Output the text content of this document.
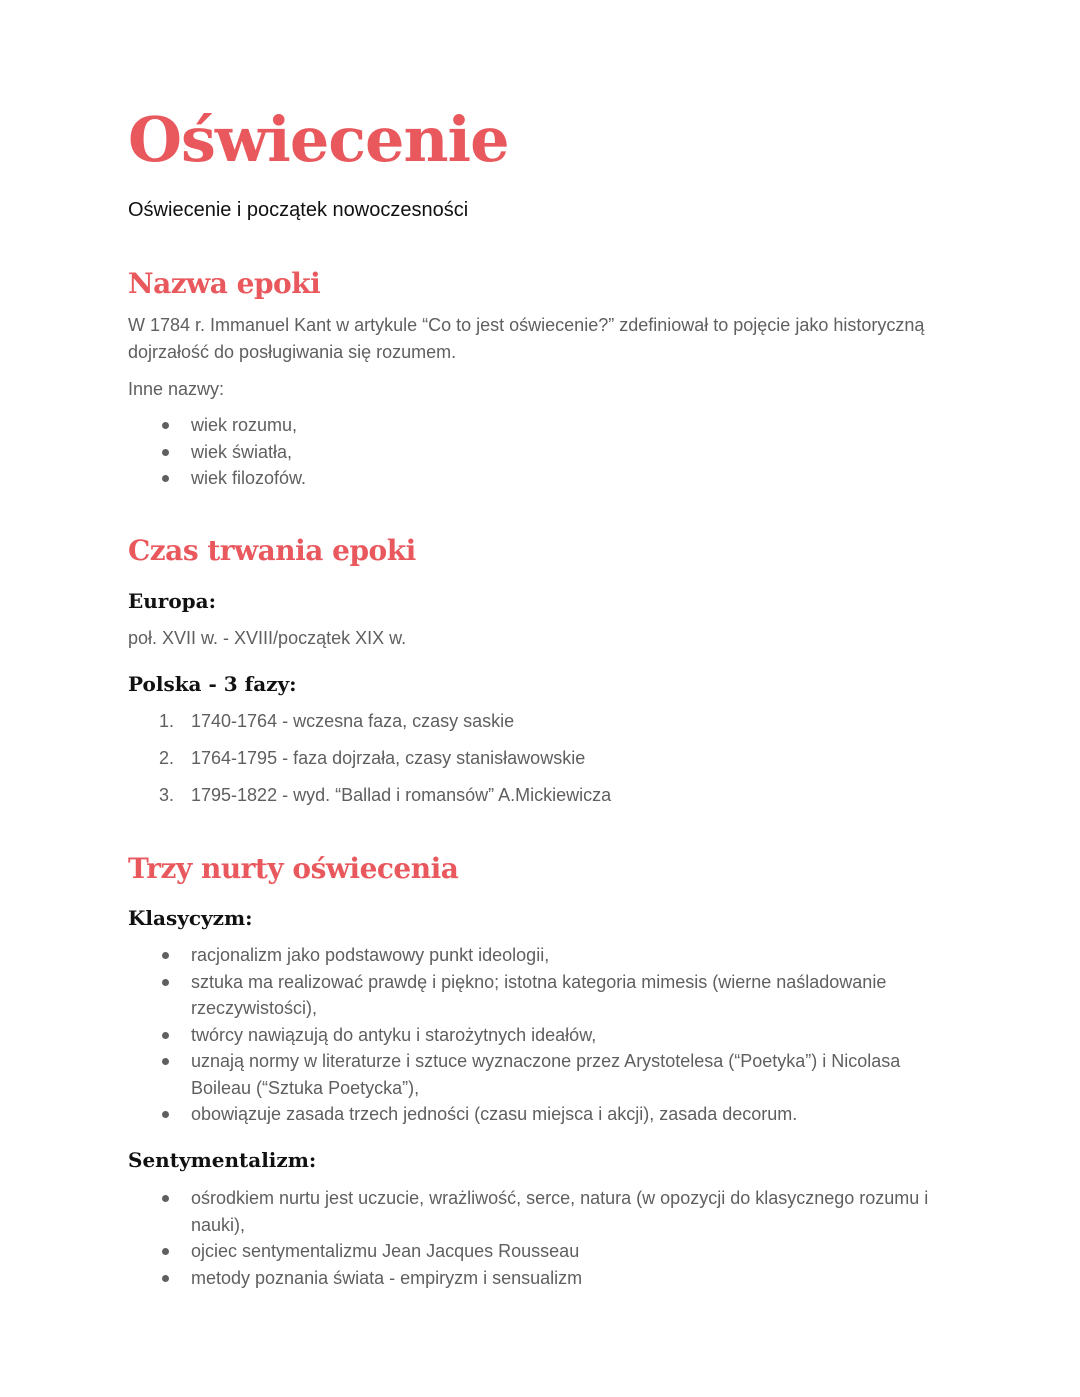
Oświecenie
Oświecenie i początek nowoczesności
Nazwa epoki

W 1784 r. Immanuel Kant w artykule “Co to jest oświecenie?” zdefiniował to pojęcie jako historyczną dojrzałość do posługiwania się rozumem.

Inne nazwy:

wiek rozumu,
wiek światła,
wiek filozofów.
Czas trwania epoki
Europa:

poł. XVII w. - XVIII/początek XIX w.

Polska - 3 fazy:
1. 1740-1764 - wczesna faza, czasy saskie
2. 1764-1795 - faza dojrzała, czasy stanisławowskie
3. 1795-1822 - wyd. “Ballad i romansów” A.Mickiewicza
Trzy nurty oświecenia
Klasycyzm:
racjonalizm jako podstawowy punkt ideologii,
sztuka ma realizować prawdę i piękno; istotna kategoria mimesis (wierne naśladowanie rzeczywistości),
twórcy nawiązują do antyku i starożytnych ideałów,
uznają normy w literaturze i sztuce wyznaczone przez Arystotelesa (“Poetyka”) i Nicolasa Boileau (“Sztuka Poetycka”),
obowiązuje zasada trzech jedności (czasu miejsca i akcji), zasada decorum.
Sentymentalizm:
ośrodkiem nurtu jest uczucie, wrażliwość, serce, natura (w opozycji do klasycznego rozumu i nauki),
ojciec sentymentalizmu Jean Jacques Rousseau
metody poznania świata - empiryzm i sensualizm
